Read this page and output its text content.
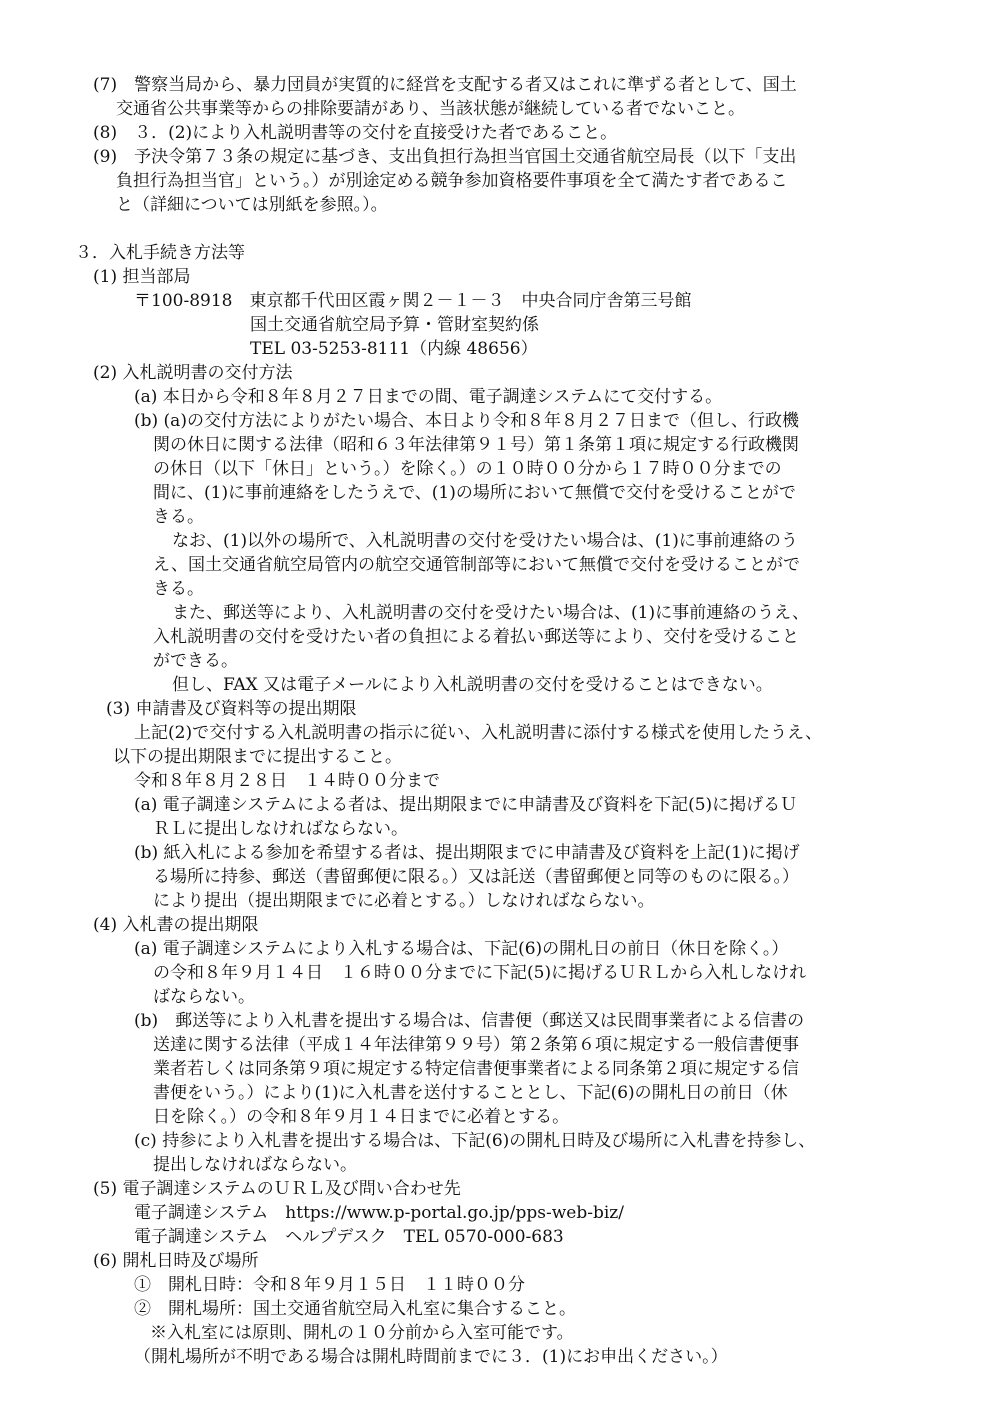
(7)　警察当局から、暴力団員が実質的に経営を支配する者又はこれに準ずる者として、国土
交通省公共事業等からの排除要請があり、当該状態が継続している者でないこと。
(8)　３．(2)により入札説明書等の交付を直接受けた者であること。
(9)　予決令第７３条の規定に基づき、支出負担行為担当官国土交通省航空局長（以下「支出
負担行為担当官」という。）が別途定める競争参加資格要件事項を全て満たす者であるこ
と（詳細については別紙を参照。）。
３．入札手続き方法等
(1) 担当部局
〒100-8918　東京都千代田区霞ヶ関２－１－３　中央合同庁舎第三号館
国土交通省航空局予算・管財室契約係
TEL 03-5253-8111（内線 48656）
(2) 入札説明書の交付方法
(a) 本日から令和８年８月２７日までの間、電子調達システムにて交付する。
(b) (a)の交付方法によりがたい場合、本日より令和８年８月２７日まで（但し、行政機
関の休日に関する法律（昭和６３年法律第９１号）第１条第１項に規定する行政機関
の休日（以下「休日」という。）を除く。）の１０時００分から１７時００分までの
間に、(1)に事前連絡をしたうえで、(1)の場所において無償で交付を受けることがで
きる。
なお、(1)以外の場所で、入札説明書の交付を受けたい場合は、(1)に事前連絡のう
え、国土交通省航空局管内の航空交通管制部等において無償で交付を受けることがで
きる。
また、郵送等により、入札説明書の交付を受けたい場合は、(1)に事前連絡のうえ、
入札説明書の交付を受けたい者の負担による着払い郵送等により、交付を受けること
ができる。
但し、FAX 又は電子メールにより入札説明書の交付を受けることはできない。
(3) 申請書及び資料等の提出期限
上記(2)で交付する入札説明書の指示に従い、入札説明書に添付する様式を使用したうえ、
以下の提出期限までに提出すること。
令和８年８月２８日　１４時００分まで
(a) 電子調達システムによる者は、提出期限までに申請書及び資料を下記(5)に掲げるＵ
ＲＬに提出しなければならない。
(b) 紙入札による参加を希望する者は、提出期限までに申請書及び資料を上記(1)に掲げ
る場所に持参、郵送（書留郵便に限る。）又は託送（書留郵便と同等のものに限る。）
により提出（提出期限までに必着とする。）しなければならない。
(4) 入札書の提出期限
(a) 電子調達システムにより入札する場合は、下記(6)の開札日の前日（休日を除く。）
の令和８年９月１４日　１６時００分までに下記(5)に掲げるＵＲＬから入札しなけれ
ばならない。
(b)　郵送等により入札書を提出する場合は、信書便（郵送又は民間事業者による信書の
送達に関する法律（平成１４年法律第９９号）第２条第６項に規定する一般信書便事
業者若しくは同条第９項に規定する特定信書便事業者による同条第２項に規定する信
書便をいう。）により(1)に入札書を送付することとし、下記(6)の開札日の前日（休
日を除く。）の令和８年９月１４日までに必着とする。
(c) 持参により入札書を提出する場合は、下記(6)の開札日時及び場所に入札書を持参し、
提出しなければならない。
(5) 電子調達システムのＵＲＬ及び問い合わせ先
電子調達システム　https://www.p-portal.go.jp/pps-web-biz/
電子調達システム　ヘルプデスク　TEL 0570-000-683
(6) 開札日時及び場所
①　開札日時：令和８年９月１５日　１１時００分
②　開札場所：国土交通省航空局入札室に集合すること。
※入札室には原則、開札の１０分前から入室可能です。
（開札場所が不明である場合は開札時間前までに３．(1)にお申出ください。）
